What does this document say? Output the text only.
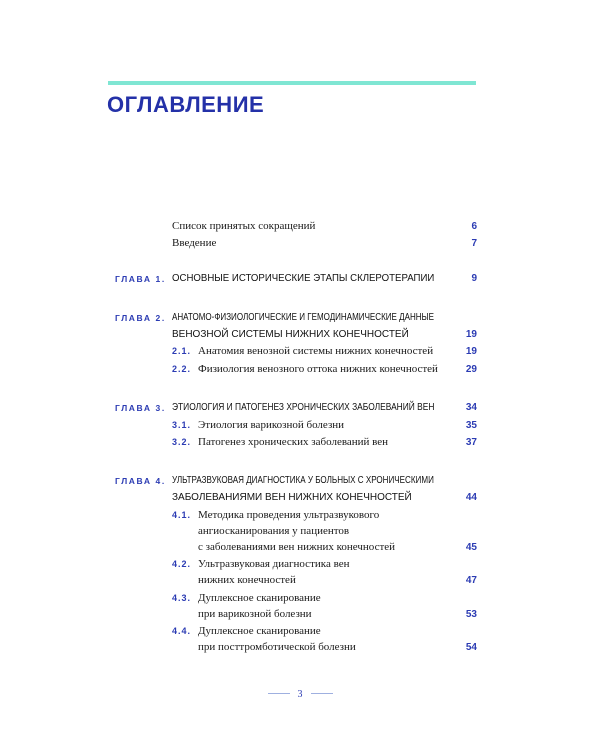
ОГЛАВЛЕНИЕ
Список принятых сокращений	6
Введение	7
ГЛАВА 1. ОСНОВНЫЕ ИСТОРИЧЕСКИЕ ЭТАПЫ СКЛЕРОТЕРАПИИ	9
ГЛАВА 2. АНАТОМО-ФИЗИОЛОГИЧЕСКИЕ И ГЕМОДИНАМИЧЕСКИЕ ДАННЫЕ
ВЕНОЗНОЙ СИСТЕМЫ НИЖНИХ КОНЕЧНОСТЕЙ	19
2.1. Анатомия венозной системы нижних конечностей	19
2.2. Физиология венозного оттока нижних конечностей	29
ГЛАВА 3. ЭТИОЛОГИЯ И ПАТОГЕНЕЗ ХРОНИЧЕСКИХ ЗАБОЛЕВАНИЙ ВЕН	34
3.1. Этиология варикозной болезни	35
3.2. Патогенез хронических заболеваний вен	37
ГЛАВА 4. УЛЬТРАЗВУКОВАЯ ДИАГНОСТИКА У БОЛЬНЫХ С ХРОНИЧЕСКИМИ
ЗАБОЛЕВАНИЯМИ ВЕН НИЖНИХ КОНЕЧНОСТЕЙ	44
4.1. Методика проведения ультразвукового
ангиосканирования у пациентов
с заболеваниями вен нижних конечностей	45
4.2. Ультразвуковая диагностика вен
нижних конечностей	47
4.3. Дуплексное сканирование
при варикозной болезни	53
4.4. Дуплексное сканирование
при посттромботической болезни	54
3
